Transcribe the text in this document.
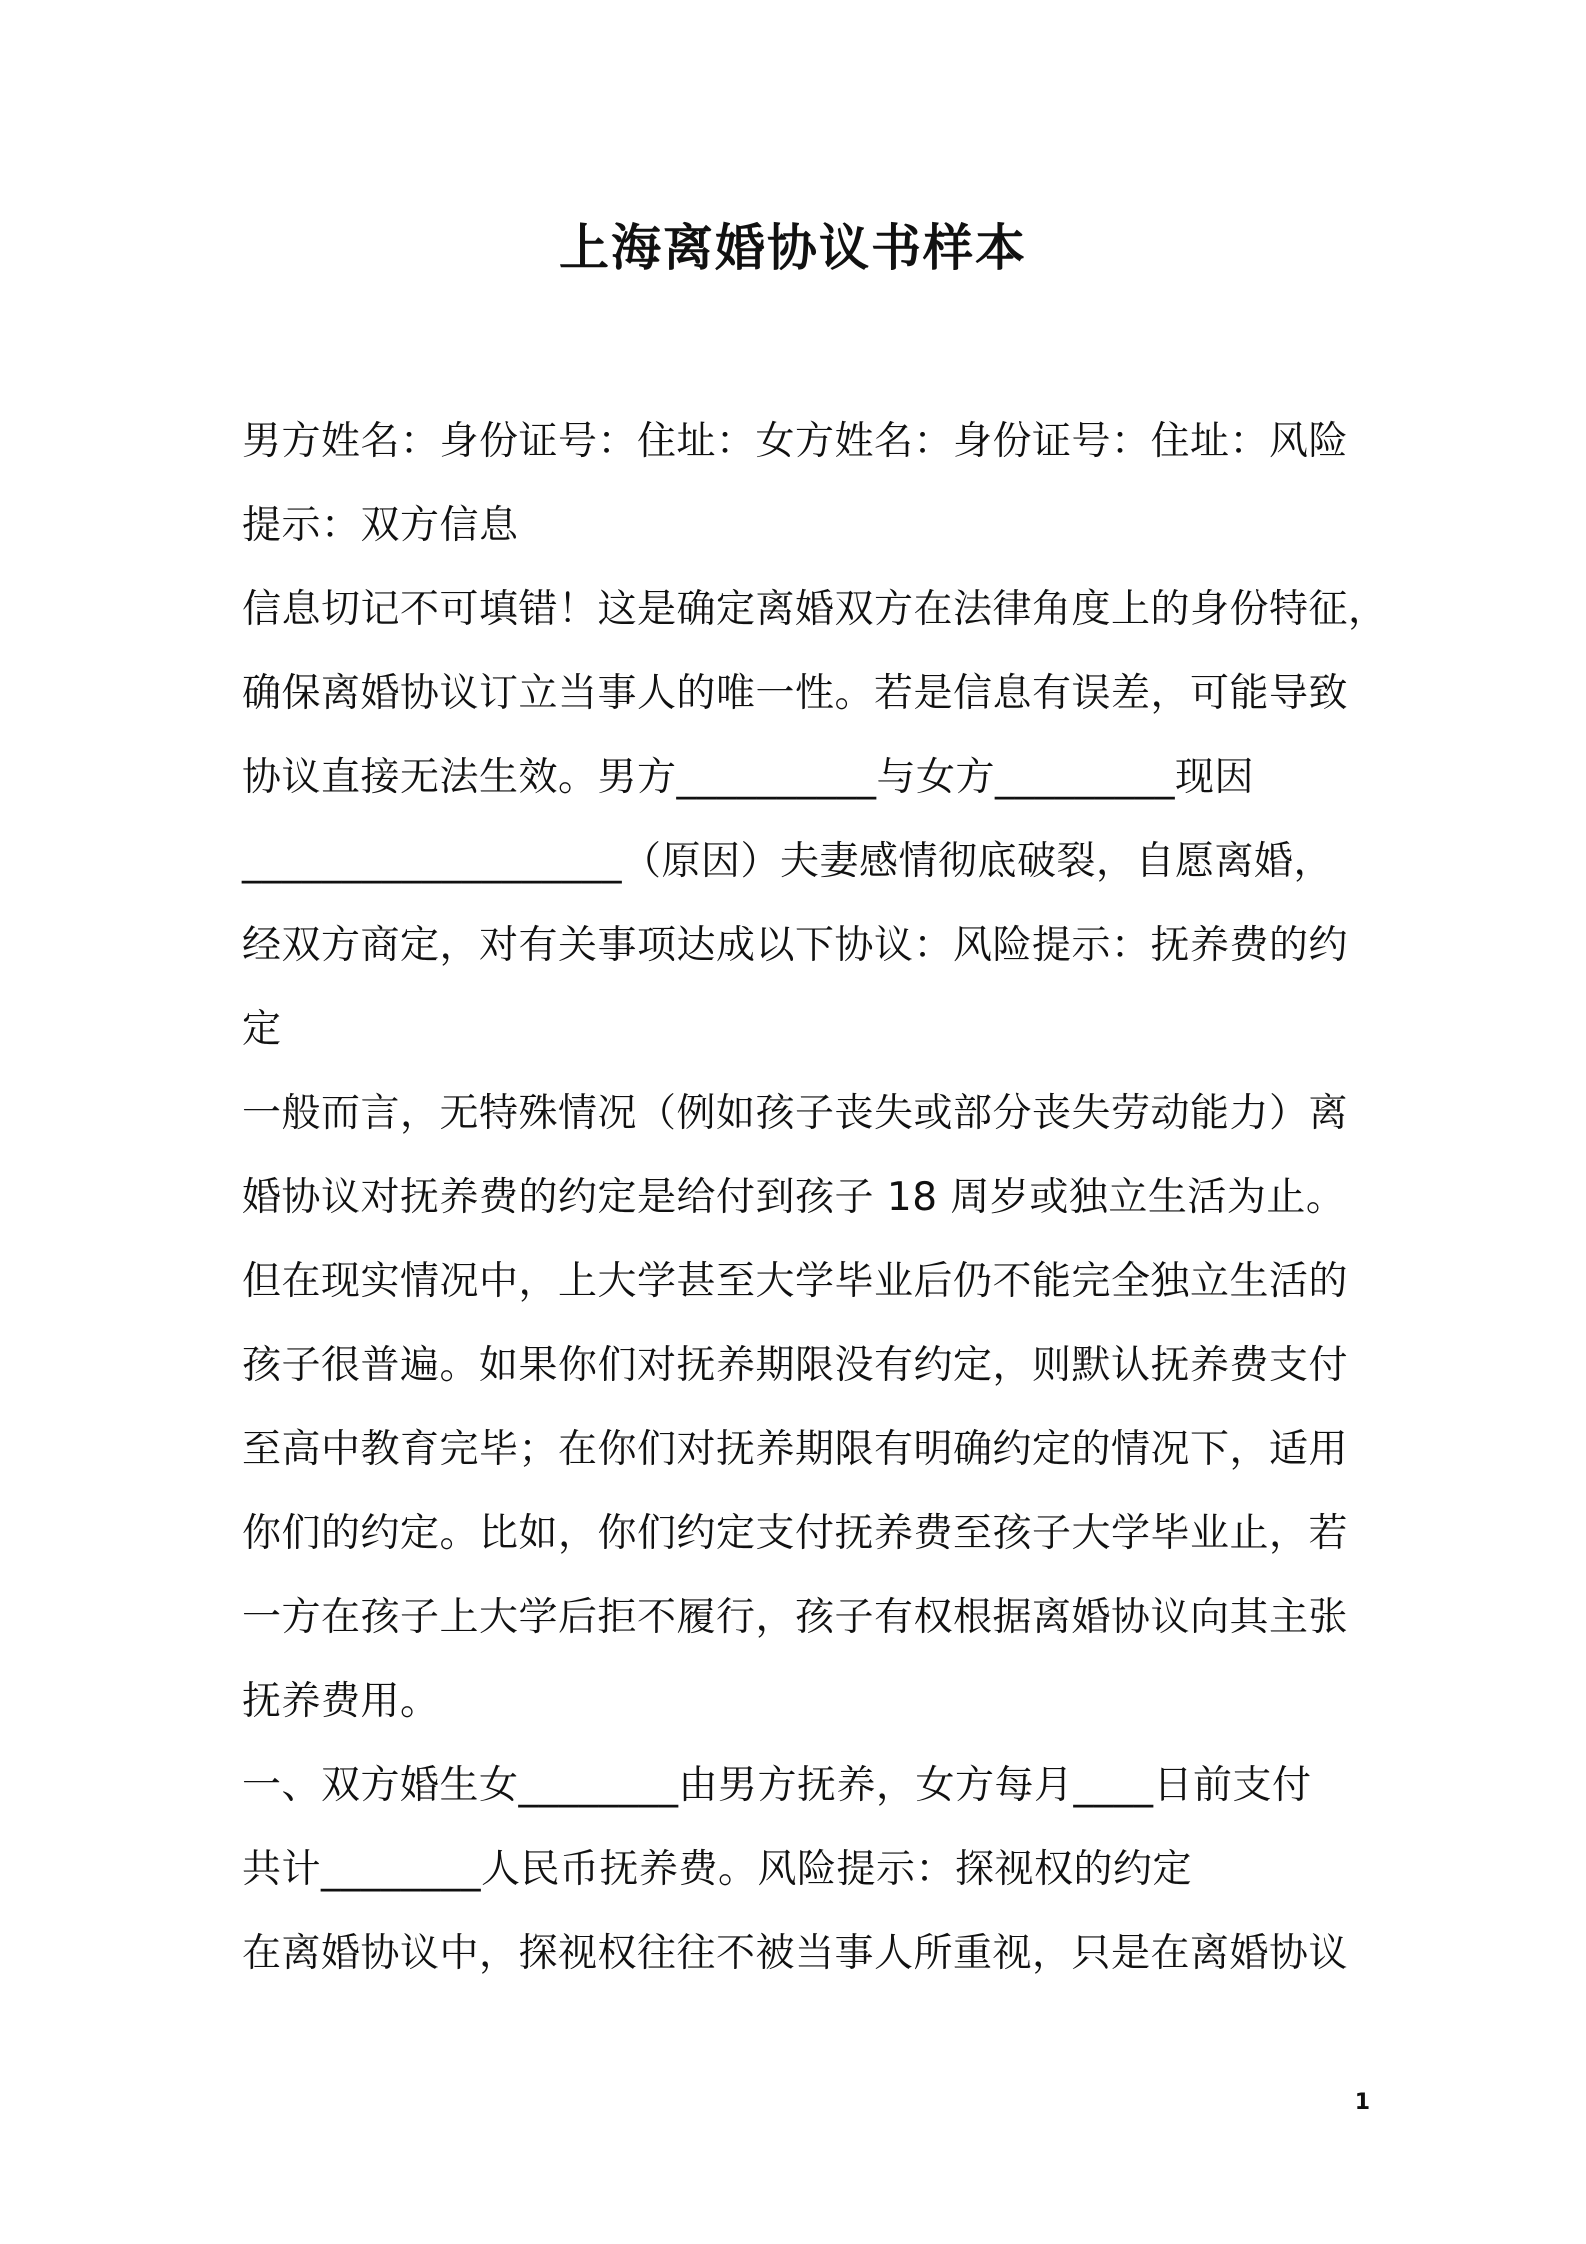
上海离婚协议书样本
男方姓名：身份证号：住址：女方姓名：身份证号：住址：风险
提示：双方信息
信息切记不可填错！这是确定离婚双方在法律角度上的身份特征，
确保离婚协议订立当事人的唯一性。若是信息有误差，可能导致
协议直接无法生效。男方__________与女方_________现因
___________________（原因）夫妻感情彻底破裂，自愿离婚，
经双方商定，对有关事项达成以下协议：风险提示：抚养费的约
定
一般而言，无特殊情况（例如孩子丧失或部分丧失劳动能力）离
婚协议对抚养费的约定是给付到孩子 18 周岁或独立生活为止。
但在现实情况中，上大学甚至大学毕业后仍不能完全独立生活的
孩子很普遍。如果你们对抚养期限没有约定，则默认抚养费支付
至高中教育完毕；在你们对抚养期限有明确约定的情况下，适用
你们的约定。比如，你们约定支付抚养费至孩子大学毕业止，若
一方在孩子上大学后拒不履行，孩子有权根据离婚协议向其主张
抚养费用。
一、双方婚生女________由男方抚养，女方每月____日前支付
共计________人民币抚养费。风险提示：探视权的约定
在离婚协议中，探视权往往不被当事人所重视，只是在离婚协议
1
